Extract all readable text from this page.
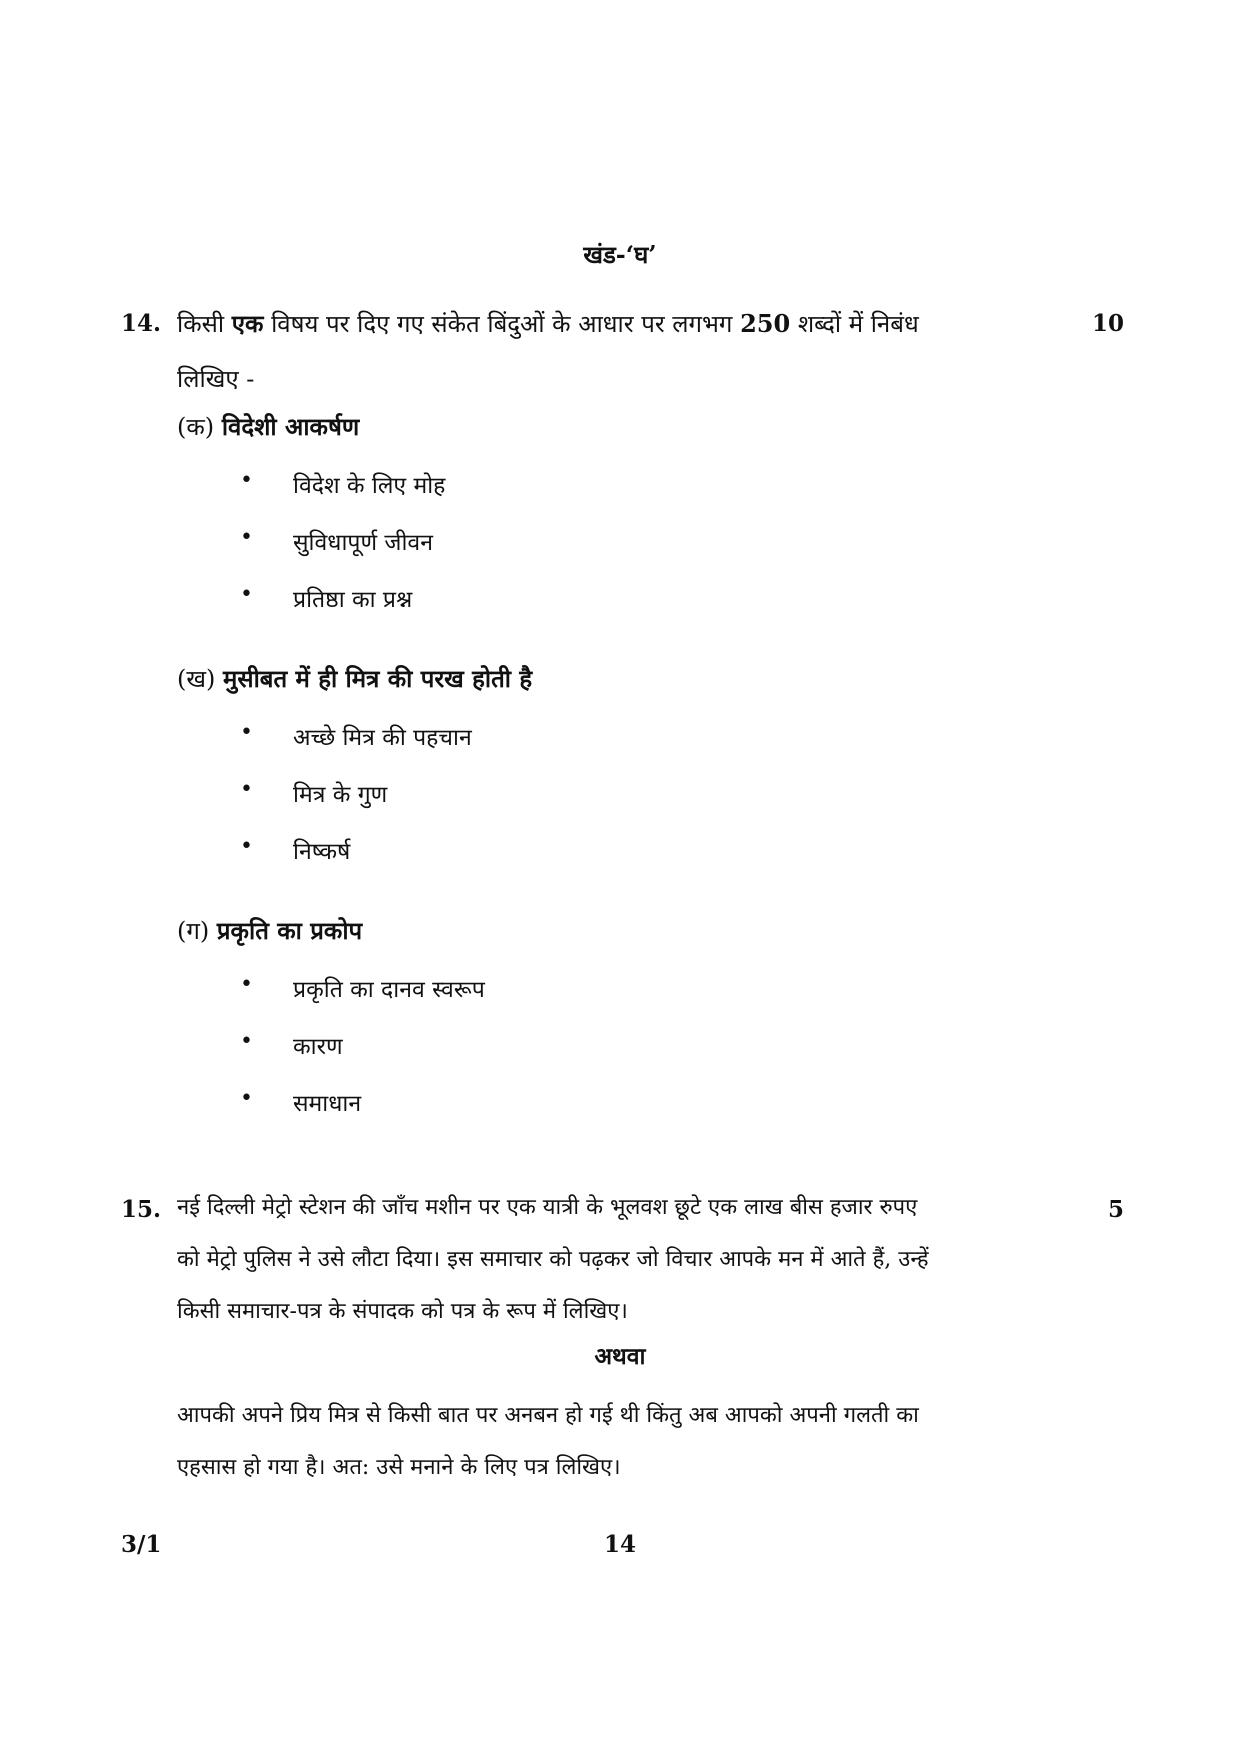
खंड-‘घ’
14.	10
किसी एक विषय पर दिए गए संकेत बिंदुओं के आधार पर लगभग 250 शब्दों में निबंध
लिखिए -
(क) विदेशी आकर्षण
• विदेश के लिए मोह
• सुविधापूर्ण जीवन
• प्रतिष्ठा का प्रश्न
(ख) मुसीबत में ही मित्र की परख होती है
• अच्छे मित्र की पहचान
• मित्र के गुण
• निष्कर्ष
(ग) प्रकृति का प्रकोप
• प्रकृति का दानव स्वरूप
• कारण
• समाधान
15.	5
नई दिल्ली मेट्रो स्टेशन की जाँच मशीन पर एक यात्री के भूलवश छूटे एक लाख बीस हजार रुपए
को मेट्रो पुलिस ने उसे लौटा दिया। इस समाचार को पढ़कर जो विचार आपके मन में आते हैं, उन्हें
किसी समाचार-पत्र के संपादक को पत्र के रूप में लिखिए।
अथवा
आपकी अपने प्रिय मित्र से किसी बात पर अनबन हो गई थी किंतु अब आपको अपनी गलती का
एहसास हो गया है। अत: उसे मनाने के लिए पत्र लिखिए।
3/1	14
